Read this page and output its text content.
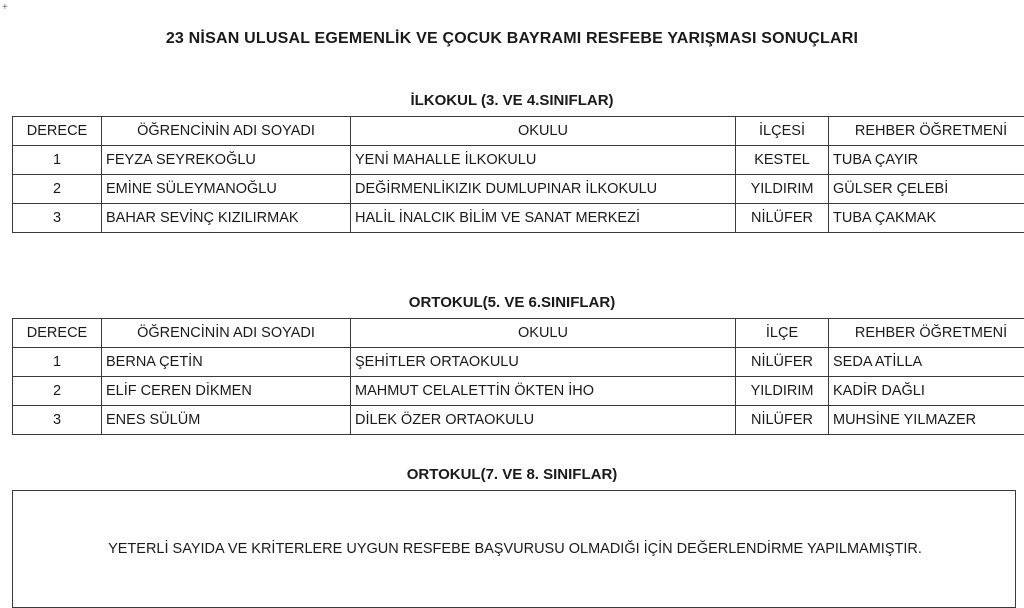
+
23 NİSAN ULUSAL EGEMENLİK VE ÇOCUK BAYRAMI RESFEBE YARIŞMASI SONUÇLARI
İLKOKUL (3. VE 4.SINIFLAR)
DERECE	ÖĞRENCİNİN ADI SOYADI	OKULU	İLÇESİ	REHBER ÖĞRETMENİ
1	FEYZA SEYREKOĞLU	YENİ MAHALLE İLKOKULU	KESTEL	TUBA ÇAYIR
2	EMİNE SÜLEYMANOĞLU	DEĞİRMENLİKIZIK DUMLUPINAR İLKOKULU	YILDIRIM	GÜLSER ÇELEBİ
3	BAHAR SEVİNÇ KIZILIRMAK	HALİL İNALCIK BİLİM VE SANAT MERKEZİ	NİLÜFER	TUBA ÇAKMAK
ORTOKUL(5. VE 6.SINIFLAR)
DERECE	ÖĞRENCİNİN ADI SOYADI	OKULU	İLÇE	REHBER ÖĞRETMENİ
1	BERNA ÇETİN	ŞEHİTLER ORTAOKULU	NİLÜFER	SEDA ATİLLA
2	ELİF CEREN DİKMEN	MAHMUT CELALETTİN ÖKTEN İHO	YILDIRIM	KADİR DAĞLI
3	ENES SÜLÜM	DİLEK ÖZER ORTAOKULU	NİLÜFER	MUHSİNE YILMAZER
ORTOKUL(7. VE 8. SINIFLAR)
YETERLİ SAYIDA VE KRİTERLERE UYGUN RESFEBE BAŞVURUSU OLMADIĞI İÇİN DEĞERLENDİRME YAPILMAMIŞTIR.
